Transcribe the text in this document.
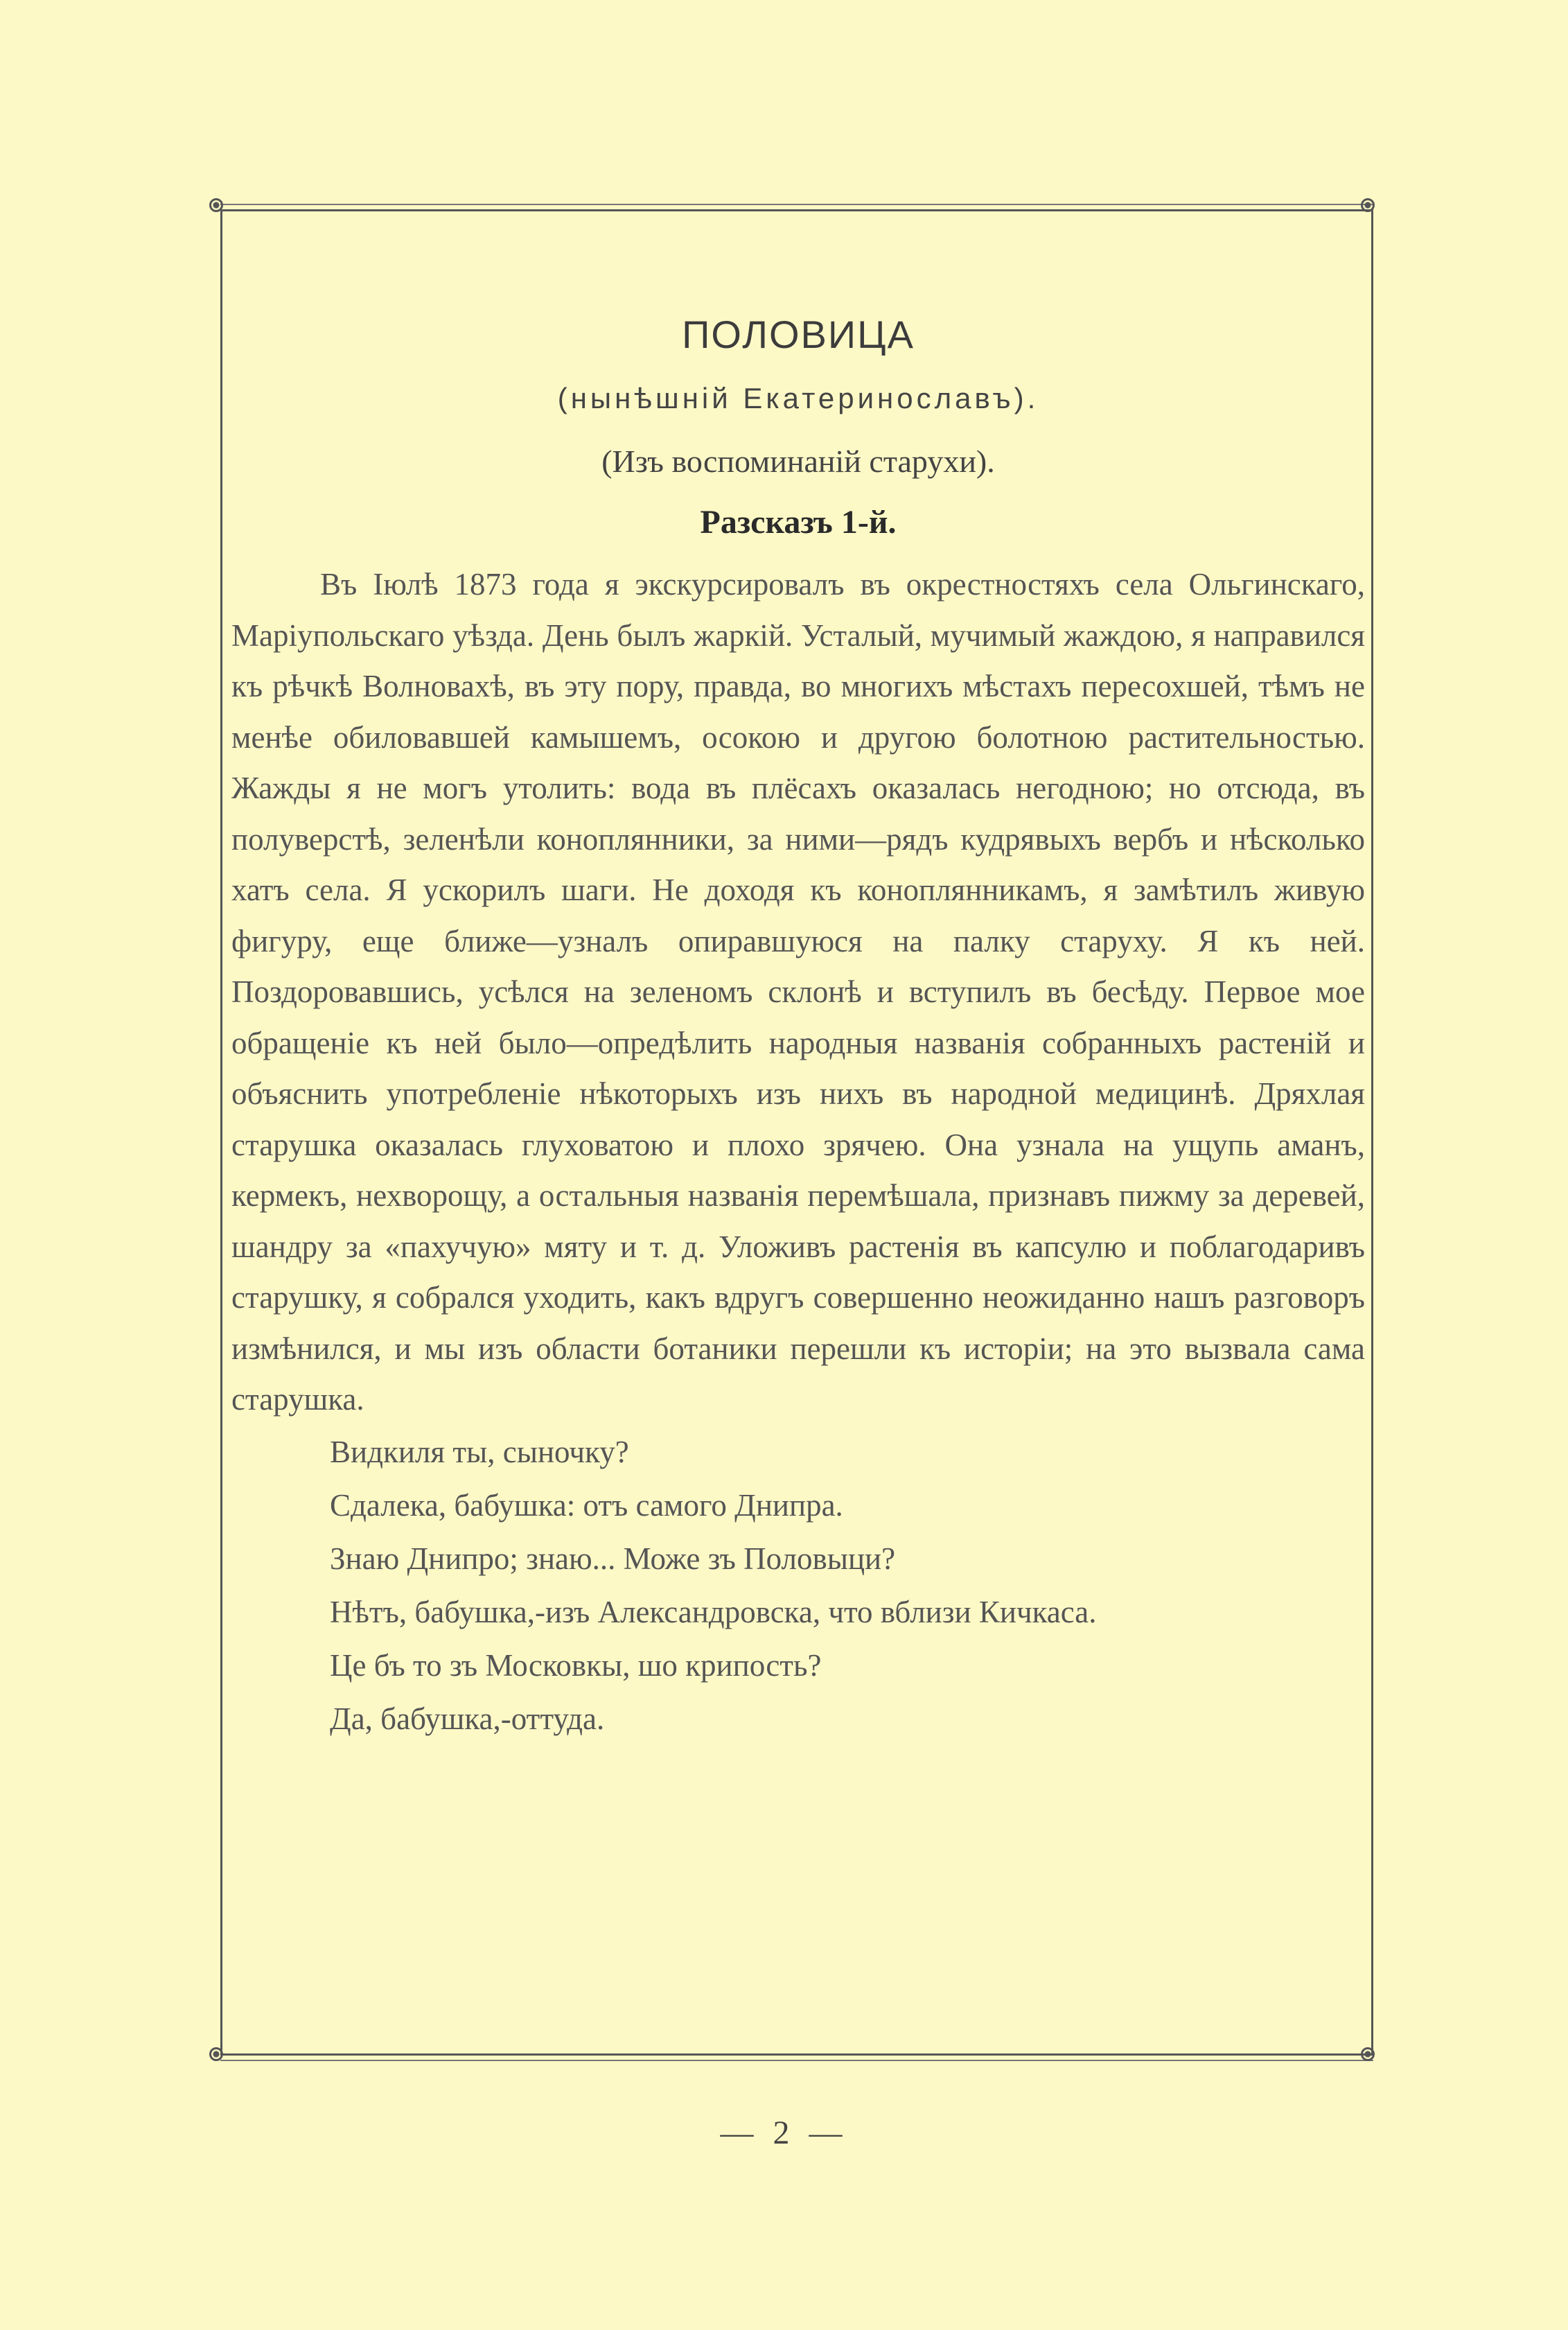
ПОЛОВИЦА
(нынѣшній Екатеринославъ).
(Изъ воспоминаній старухи).
Разсказъ 1-й.
Въ Іюлѣ 1873 года я экскурсировалъ въ окрестностяхъ села Ольгинскаго, Маріупольскаго уѣзда. День былъ жаркій. Усталый, мучимый жаждою, я направился къ рѣчкѣ Волновахѣ, въ эту пору, правда, во многихъ мѣстахъ пересохшей, тѣмъ не менѣе обиловавшей камышемъ, осокою и другою болотною растительностью. Жажды я не могъ утолить: вода въ плёсахъ оказалась негодною; но отсюда, въ полуверстѣ, зеленѣли коноплянники, за ними—рядъ кудрявыхъ вербъ и нѣсколько хатъ села. Я ускорилъ шаги. Не доходя къ коноплянникамъ, я замѣтилъ живую фигуру, еще ближе—узналъ опиравшуюся на палку старуху. Я къ ней. Поздоровавшись, усѣлся на зеленомъ склонѣ и вступилъ въ бесѣду. Первое мое обращеніе къ ней было—опредѣлить народныя названія собранныхъ растеній и объяснить употребленіе нѣкоторыхъ изъ нихъ въ народной медицинѣ. Дряхлая старушка оказалась глуховатою и плохо зрячею. Она узнала на ущупь аманъ, кермекъ, нехворощу, а остальныя названія перемѣшала, признавъ пижму за деревей, шандру за «пахучую» мяту и т. д. Уложивъ растенія въ капсулю и поблагодаривъ старушку, я собрался уходить, какъ вдругъ совершенно неожиданно нашъ разговоръ измѣнился, и мы изъ области ботаники перешли къ исторіи; на это вызвала сама старушка.

Видкиля ты, сыночку?

Сдалека, бабушка: отъ самого Днипра.

Знаю Днипро; знаю... Може зъ Половыци?

Нѣтъ, бабушка,-изъ Александровска, что вблизи Кичкаса.

Це бъ то зъ Московкы, шо крипость?

Да, бабушка,-оттуда.

— 2 —
